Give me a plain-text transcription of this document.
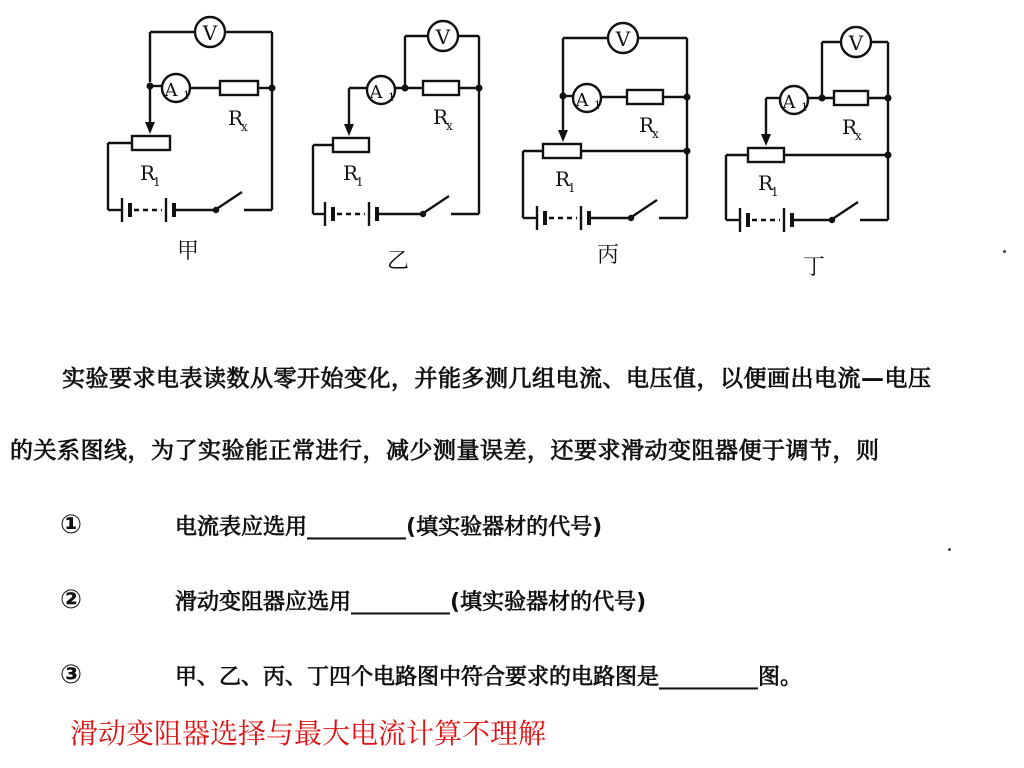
V
A 1
R
x
R
1
甲
V
A 1
R
x
R
1
乙
V
A 1
R
x
R
1
丙
V
A 1
R
x
R
1
丁
实验要求电表读数从零开始变化，并能多测几组电流、电压值，以便画出电流—电压
的关系图线，为了实验能正常进行，减少测量误差，还要求滑动变阻器便于调节，则
①	电流表应选用_________(填实验器材的代号)
②	滑动变阻器应选用_________(填实验器材的代号)
③	甲、乙、丙、丁四个电路图中符合要求的电路图是_________图。
滑动变阻器选择与最大电流计算不理解
